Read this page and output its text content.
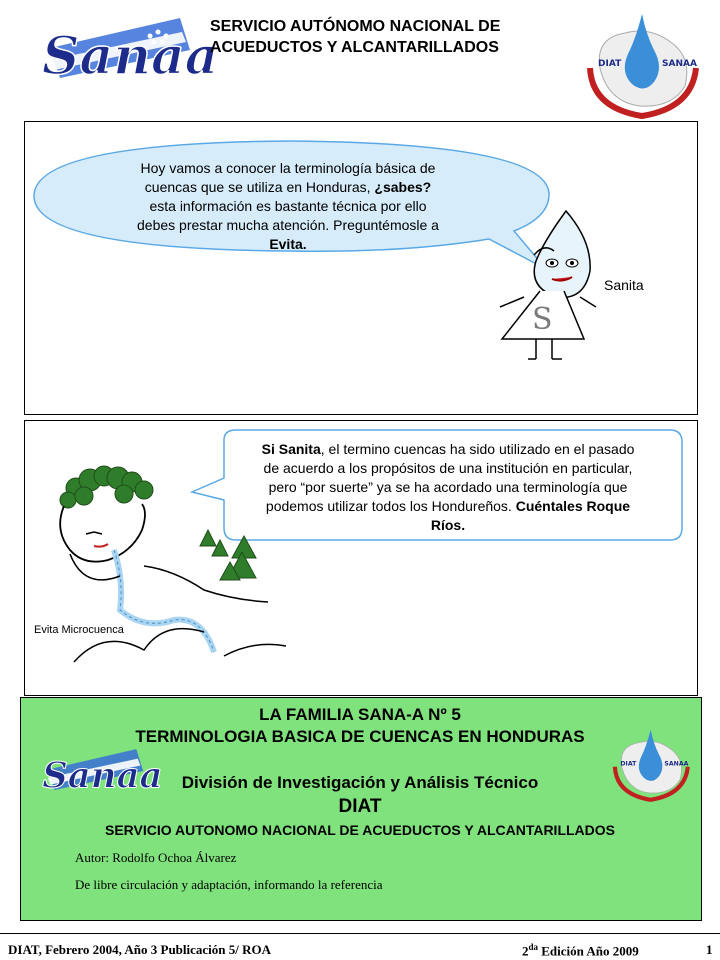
Sanaa
SERVICIO AUTÓNOMO NACIONAL DE
ACUEDUCTOS Y ALCANTARILLADOS
DIAT	SANAA
S
Hoy vamos a conocer la terminología básica de
cuencas que se utiliza en Honduras, ¿sabes?
esta información es bastante técnica por ello
debes prestar mucha atención. Preguntémosle a
Evita.
Sanita
Si Sanita, el termino cuencas ha sido utilizado en el pasado
de acuerdo a los propósitos de una institución en particular,
pero “por suerte” ya se ha acordado una terminología que
podemos utilizar todos los Hondureños. Cuéntales Roque
Ríos.
Evita Microcuenca
Sanaa	DIAT	SANAA
LA FAMILIA SANA-A Nº 5
TERMINOLOGIA BASICA DE CUENCAS EN HONDURAS
División de Investigación y Análisis Técnico
DIAT
SERVICIO AUTONOMO NACIONAL DE ACUEDUCTOS Y ALCANTARILLADOS
Autor: Rodolfo Ochoa Álvarez
De libre circulación y adaptación, informando la referencia
DIAT, Febrero 2004, Año 3 Publicación 5/ ROA	$2^{da}$ Edición Año 2009	1
